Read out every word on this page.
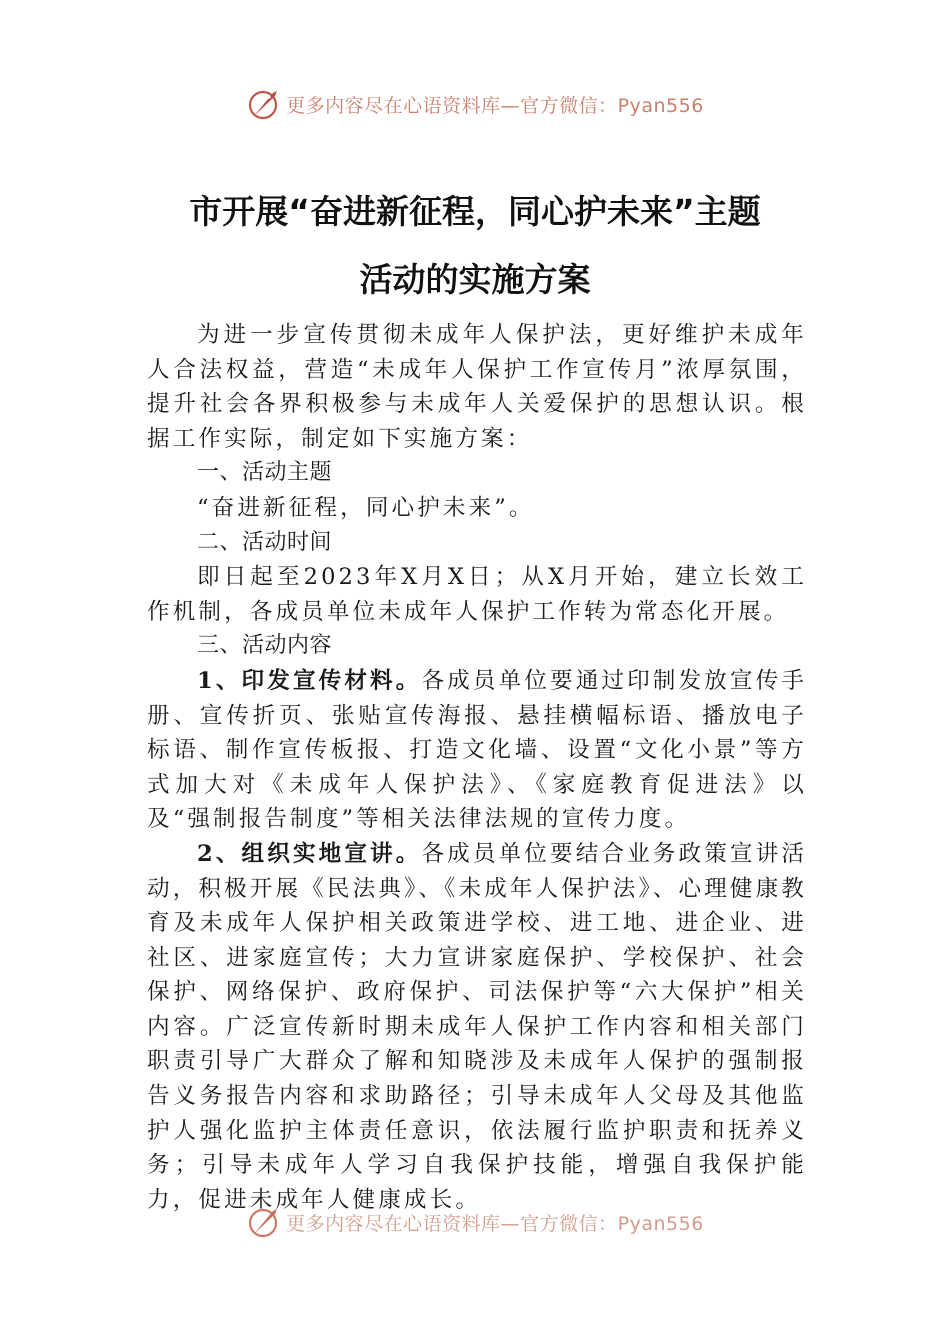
更多内容尽在心语资料库—官方微信：Pyan556
市开展“奋进新征程，同心护未来”主题
活动的实施方案

为进一步宣传贯彻未成年人保护法，更好维护未成年人合法权益，营造“未成年人保护工作宣传月”浓厚氛围，提升社会各界积极参与未成年人关爱保护的思想认识。根据工作实际，制定如下实施方案：

一、活动主题

“奋进新征程，同心护未来”。

二、活动时间

即日起至2023年X月X日；从X月开始，建立长效工作机制，各成员单位未成年人保护工作转为常态化开展。

三、活动内容

1、印发宣传材料。各成员单位要通过印制发放宣传手册、宣传折页、张贴宣传海报、悬挂横幅标语、播放电子标语、制作宣传板报、打造文化墙、设置“文化小景”等方式加大对《未成年人保护法》、《家庭教育促进法》以及“强制报告制度”等相关法律法规的宣传力度。

2、组织实地宣讲。各成员单位要结合业务政策宣讲活动，积极开展《民法典》、《未成年人保护法》、心理健康教育及未成年人保护相关政策进学校、进工地、进企业、进社区、进家庭宣传；大力宣讲家庭保护、学校保护、社会保护、网络保护、政府保护、司法保护等“六大保护”相关内容。广泛宣传新时期未成年人保护工作内容和相关部门职责引导广大群众了解和知晓涉及未成年人保护的强制报告义务报告内容和求助路径；引导未成年人父母及其他监护人强化监护主体责任意识，依法履行监护职责和抚养义务；引导未成年人学习自我保护技能，增强自我保护能力，促进未成年人健康成长。

更多内容尽在心语资料库—官方微信：Pyan556
